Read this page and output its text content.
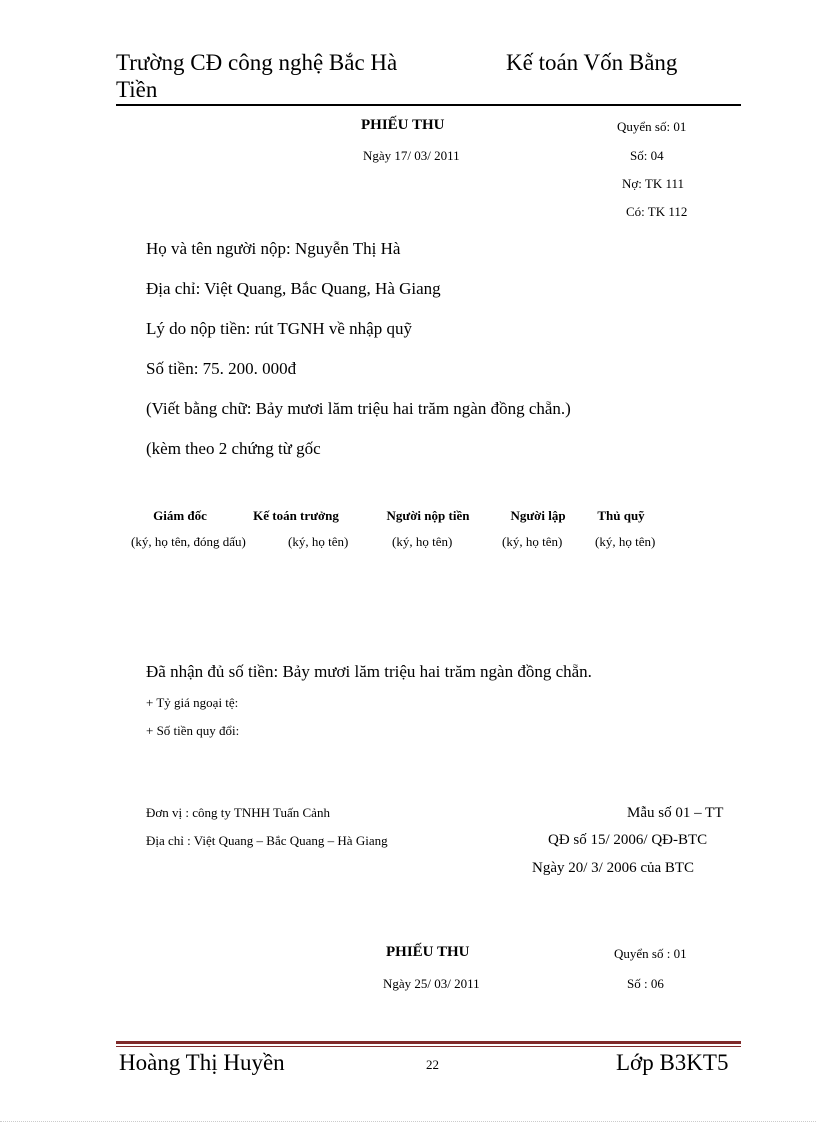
Trường CĐ công nghệ Bắc Hà
Tiền
Kế toán Vốn Bằng
PHIẾU THU
Ngày 17/ 03/ 2011
Quyển số: 01
Số: 04
Nợ: TK 111
Có: TK 112
Họ và tên người nộp: Nguyễn Thị Hà
Địa chỉ: Việt Quang, Bắc Quang, Hà Giang
Lý do nộp tiền: rút TGNH về nhập quỹ
Số tiền: 75. 200. 000đ
(Viết bằng chữ: Bảy mươi lăm triệu hai trăm ngàn đồng chẵn.)
(kèm theo 2 chứng từ gốc
Giám đốc	Kế toán trưởng	Người nộp tiền	Người lập	Thủ quỹ
(ký, họ tên, đóng dấu)	(ký, họ tên)	(ký, họ tên)	(ký, họ tên)	(ký, họ tên)
Đã nhận đủ số tiền: Bảy mươi lăm triệu hai trăm ngàn đồng chẵn.
+ Tỷ giá ngoại tệ:
+ Số tiền quy đổi:
Đơn vị : công ty TNHH Tuấn Cảnh
Địa chỉ : Việt Quang – Bắc Quang – Hà Giang
Mẫu số 01 – TT
QĐ số 15/ 2006/ QĐ-BTC
Ngày 20/ 3/ 2006 của BTC
PHIẾU THU
Ngày 25/ 03/ 2011
Quyển số : 01
Số : 06
Hoàng Thị Huyền	22	Lớp B3KT5
